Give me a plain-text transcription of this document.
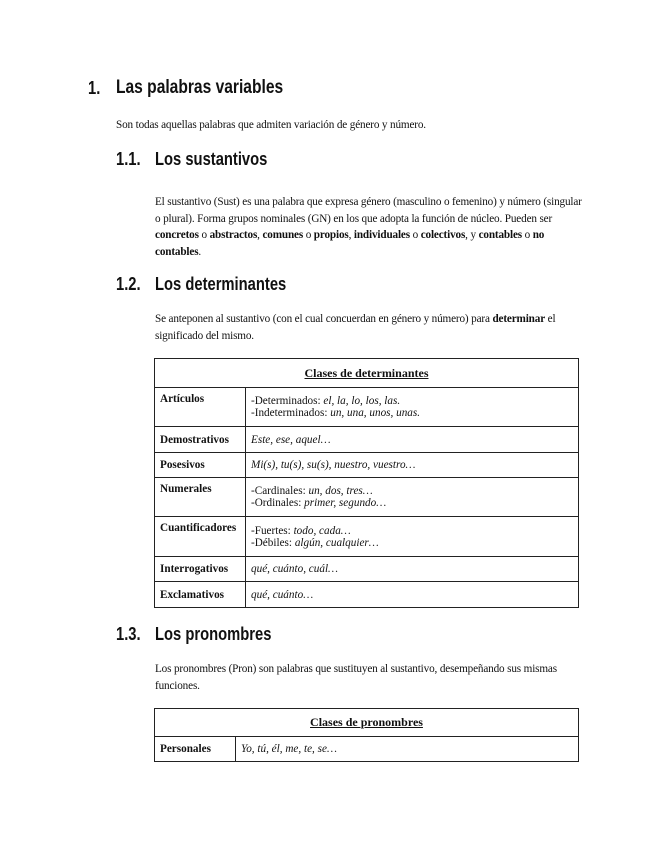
1. Las palabras variables
Son todas aquellas palabras que admiten variación de género y número.
1.1. Los sustantivos
El sustantivo (Sust) es una palabra que expresa género (masculino o femenino) y número (singular o plural). Forma grupos nominales (GN) en los que adopta la función de núcleo. Pueden ser concretos o abstractos, comunes o propios, individuales o colectivos, y contables o no contables.
1.2. Los determinantes
Se anteponen al sustantivo (con el cual concuerdan en género y número) para determinar el significado del mismo.
Clases de determinantes	
Artículos	-Determinados: el, la, lo, los, las.
-Indeterminados: un, una, unos, unas.

Demostrativos	Este, ese, aquel…
Posesivos	Mi(s), tu(s), su(s), nuestro, vuestro…
Numerales	-Cardinales: un, dos, tres…
-Ordinales: primer, segundo…

Cuantificadores	-Fuertes: todo, cada…
-Débiles: algún, cualquier…

Interrogativos	qué, cuánto, cuál…
Exclamativos	qué, cuánto…
1.3. Los pronombres
Los pronombres (Pron) son palabras que sustituyen al sustantivo, desempeñando sus mismas funciones.
Clases de pronombres
Personales	Yo, tú, él, me, te, se…
